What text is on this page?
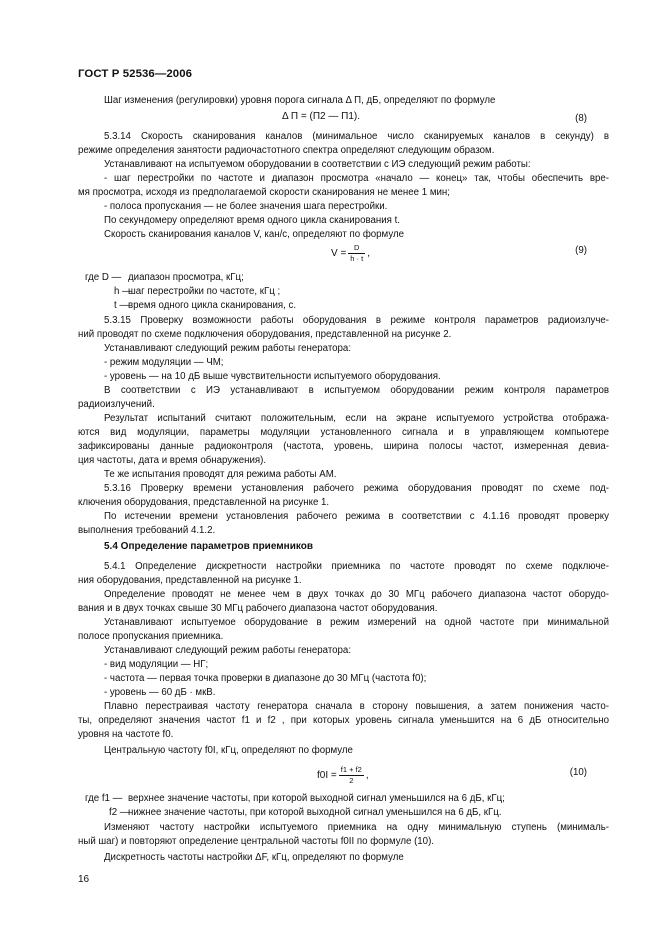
ГОСТ Р 52536—2006
Шаг изменения (регулировки) уровня порога сигнала Δ П, дБ, определяют по формуле
Δ П = (П2 — П1).	(8)
5.3.14 Скорость сканирования каналов (минимальное число сканируемых каналов в секунду) в
режиме определения занятости радиочастотного спектра определяют следующим образом.
Устанавливают на испытуемом оборудовании в соответствии с ИЭ следующий режим работы:
- шаг перестройки по частоте и диапазон просмотра «начало — конец» так, чтобы обеспечить вре-
мя просмотра, исходя из предполагаемой скорости сканирования не менее 1 мин;
- полоса пропускания — не более значения шага перестройки.
По секундомеру определяют время одного цикла сканирования t.
Скорость сканирования каналов V, кан/с, определяют по формуле
$V = \frac{D}{h \cdot t}$ ,	(9)
где D — диапазон просмотра, кГц;
h —
шаг перестройки по частоте, кГц ;
t —
время одного цикла сканирования, с.
5.3.15 Проверку возможности работы оборудования в режиме контроля параметров радиоизлуче-
ний проводят по схеме подключения оборудования, представленной на рисунке 2.
Устанавливают следующий режим работы генератора:
- режим модуляции — ЧМ;
- уровень — на 10 дБ выше чувствительности испытуемого оборудования.
В соответствии с ИЭ устанавливают в испытуемом оборудовании режим контроля параметров
радиоизлучений.
Результат испытаний считают положительным, если на экране испытуемого устройства отобража-
ются вид модуляции, параметры модуляции установленного сигнала и в управляющем компьютере
зафиксированы данные радиоконтроля (частота, уровень, ширина полосы частот, измеренная девиа-
ция частоты, дата и время обнаружения).
Те же испытания проводят для режима работы АМ.
5.3.16 Проверку времени установления рабочего режима оборудования проводят по схеме под-
ключения оборудования, представленной на рисунке 1.
По истечении времени установления рабочего режима в соответствии с 4.1.16 проводят проверку
выполнения требований 4.1.2.
5.4 Определение параметров приемников
5.4.1 Определение дискретности настройки приемника по частоте проводят по схеме подключе-
ния оборудования, представленной на рисунке 1.
Определение проводят не менее чем в двух точках до 30 МГц рабочего диапазона частот оборудо-
вания и в двух точках свыше 30 МГц рабочего диапазона частот оборудования.
Устанавливают испытуемое оборудование в режим измерений на одной частоте при минимальной
полосе пропускания приемника.
Устанавливают следующий режим работы генератора:
- вид модуляции — НГ;
- частота — первая точка проверки в диапазоне до 30 МГц (частота f0);
- уровень — 60 дБ · мкВ.
Плавно перестраивая частоту генератора сначала в сторону повышения, а затем понижения часто-
ты, определяют значения частот f1 и f2 , при которых уровень сигнала уменьшится на 6 дБ относительно
уровня на частоте f0.
Центральную частоту f0I, кГц, определяют по формуле
$f0I = \frac{f1 + f2}{2}$ ,	(10)
где f1 — верхнее значение частоты, при которой выходной сигнал уменьшился на 6 дБ, кГц;
f2 —
нижнее значение частоты, при которой выходной сигнал уменьшился на 6 дБ, кГц.
Изменяют частоту настройки испытуемого приемника на одну минимальную ступень (минималь-
ный шаг) и повторяют определение центральной частоты f0II по формуле (10).
Дискретность частоты настройки ΔF, кГц, определяют по формуле
16
